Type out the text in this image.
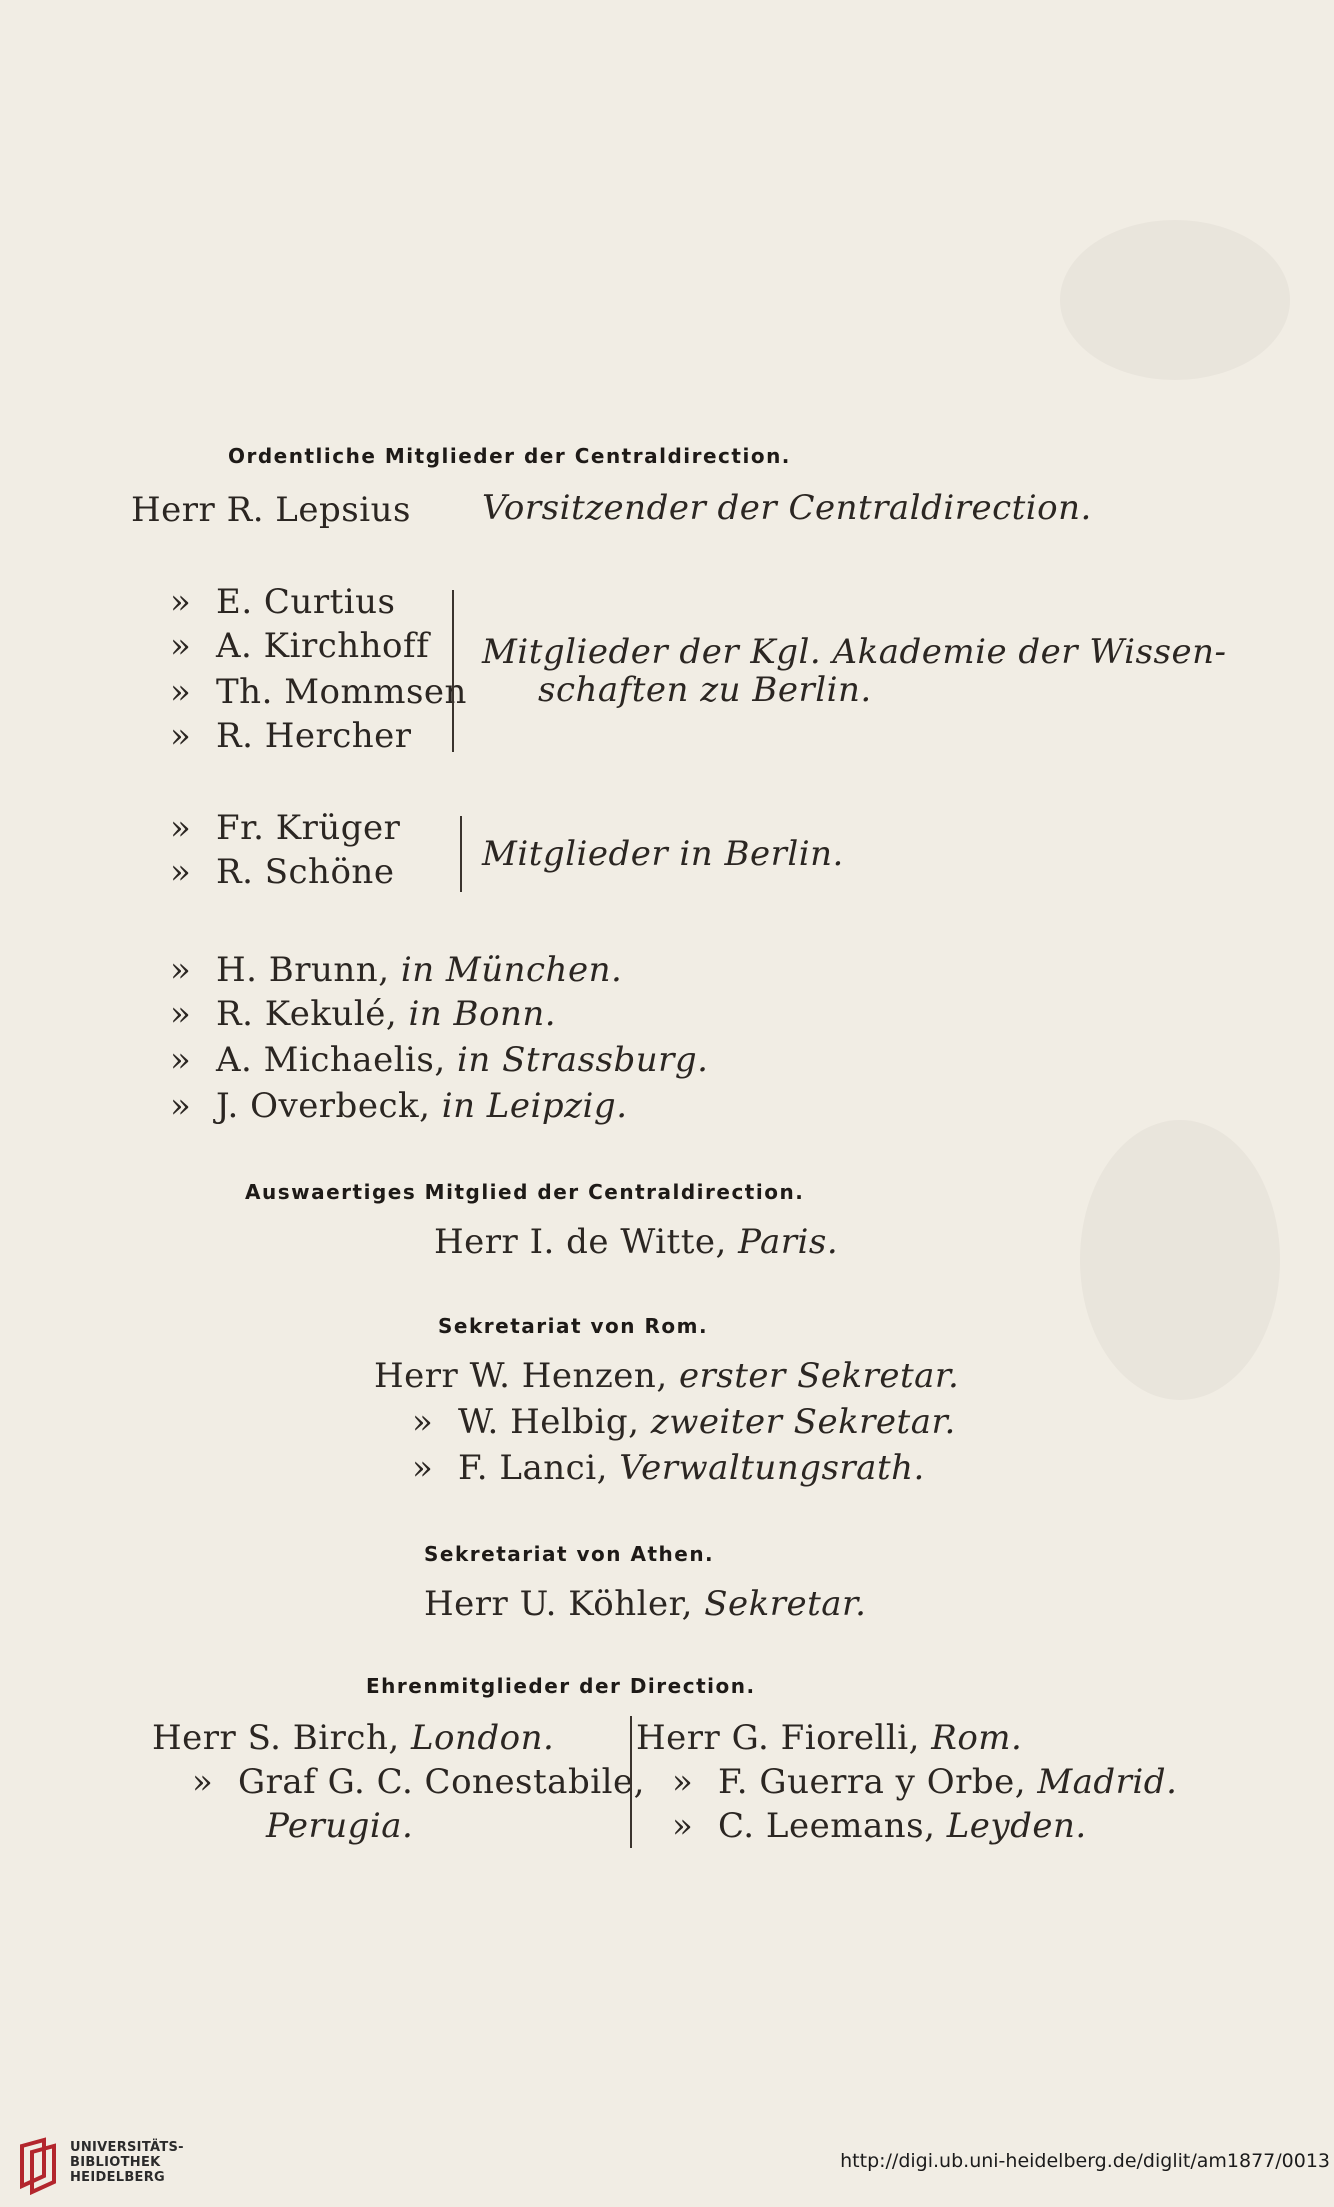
Ordentliche Mitglieder der Centraldirection.
Herr R. Lepsius Vorsitzender der Centraldirection.
» E. Curtius
» A. Kirchhoff
» Th. Mommsen
» R. Hercher
Mitglieder der Kgl. Akademie der Wissen-
schaften zu Berlin.
» Fr. Krüger
» R. Schöne	Mitglieder in Berlin.
» H. Brunn, in München.
» R. Kekulé, in Bonn.
» A. Michaelis, in Strassburg.
» J. Overbeck, in Leipzig.
Auswaertiges Mitglied der Centraldirection.
Herr I. de Witte, Paris.
Sekretariat von Rom.
Herr W. Henzen, erster Sekretar.
» W. Helbig, zweiter Sekretar.
» F. Lanci, Verwaltungsrath.
Sekretariat von Athen.
Herr U. Köhler, Sekretar.
Ehrenmitglieder der Direction.
Herr S. Birch, London.
» Graf G. C. Conestabile,
Perugia.
Herr G. Fiorelli, Rom.
» F. Guerra y Orbe, Madrid.
» C. Leemans, Leyden.
UNIVERSITÄTS-
BIBLIOTHEK
HEIDELBERG
http://digi.ub.uni-heidelberg.de/diglit/am1877/0013
